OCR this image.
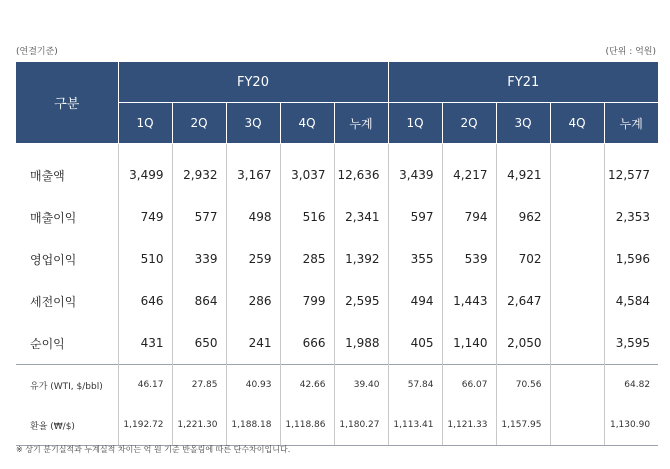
(연결기준)	(단위 : 억원)
구분	FY20					FY21				
	1Q	2Q	3Q	4Q	누계	1Q	2Q	3Q	4Q	누계
매출액	3,499	2,932	3,167	3,037	12,636	3,439	4,217	4,921		12,577
매출이익	749	577	498	516	2,341	597	794	962		2,353
영업이익	510	339	259	285	1,392	355	539	702		1,596
세전이익	646	864	286	799	2,595	494	1,443	2,647		4,584
순이익	431	650	241	666	1,988	405	1,140	2,050		3,595
유가 (WTI, $/bbl)	46.17	27.85	40.93	42.66	39.40	57.84	66.07	70.56		64.82
환율 (₩/$)	1,192.72	1,221.30	1,188.18	1,118.86	1,180.27	1,113.41	1,121.33	1,157.95		1,130.90
※ 상기 분기실적과 누계실적 차이는 억 원 기준 반올림에 따른 단수차이입니다.
